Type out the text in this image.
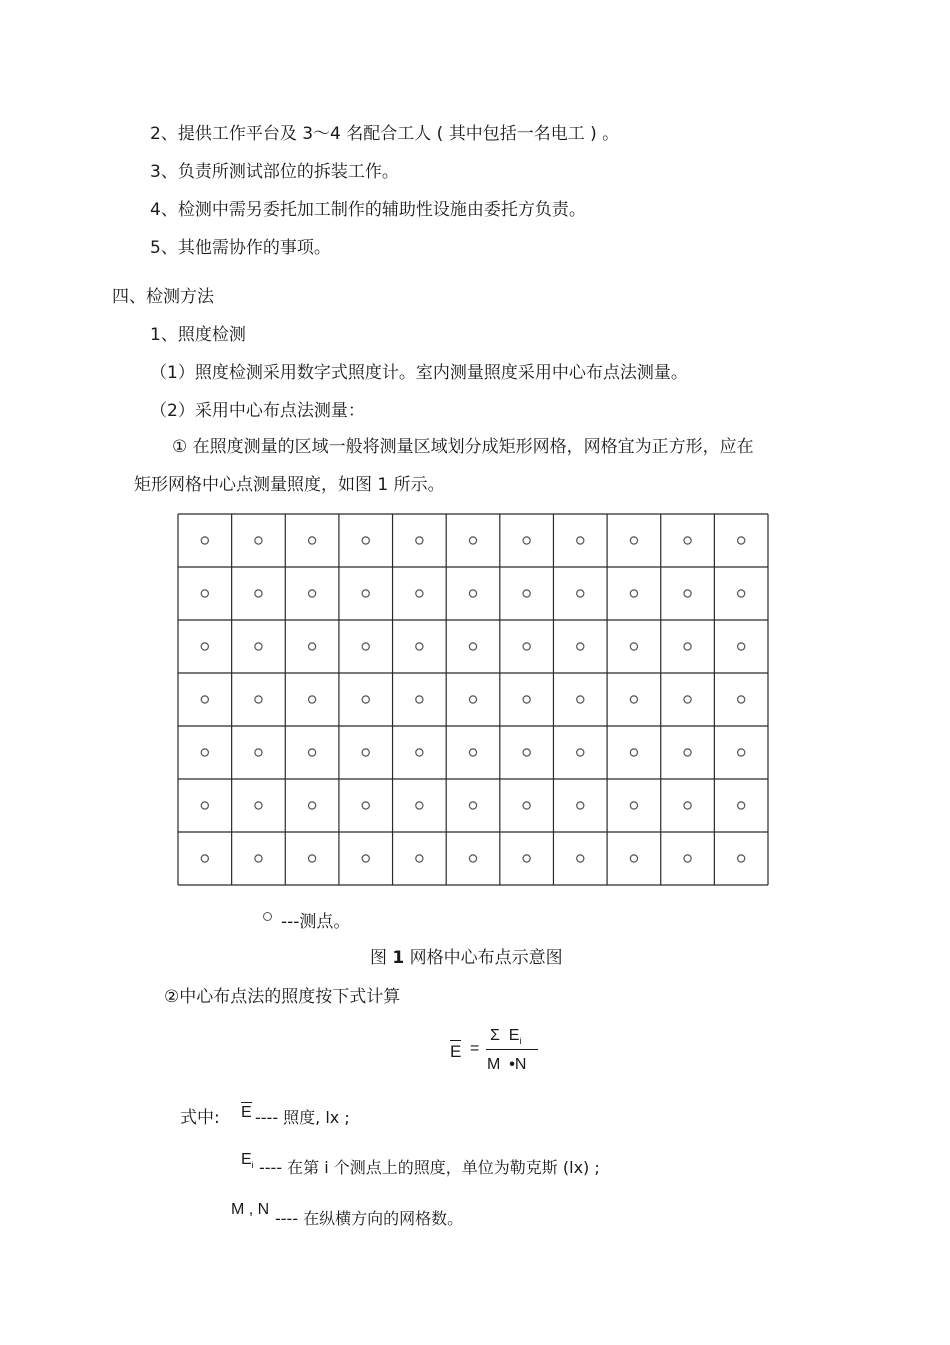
2、提供工作平台及 3～4 名配合工人 ( 其中包括一名电工 ) 。
3、负责所测试部位的拆装工作。
4、检测中需另委托加工制作的辅助性设施由委托方负责。
5、其他需协作的事项。
四、检测方法
1、照度检测
（1）照度检测采用数字式照度计。室内测量照度采用中心布点法测量。
（2）采用中心布点法测量：
① 在照度测量的区域一般将测量区域划分成矩形网格，网格宜为正方形，应在
矩形网格中心点测量照度，如图 1 所示。
---测点。
图 1 网格中心布点示意图
②中心布点法的照度按下式计算
E =
Σ $E_i$
M •N
式中: E ---- 照度, lx ;
$E_i$ ---- 在第 i 个测点上的照度，单位为勒克斯 (lx) ;
M , N ---- 在纵横方向的网格数。
